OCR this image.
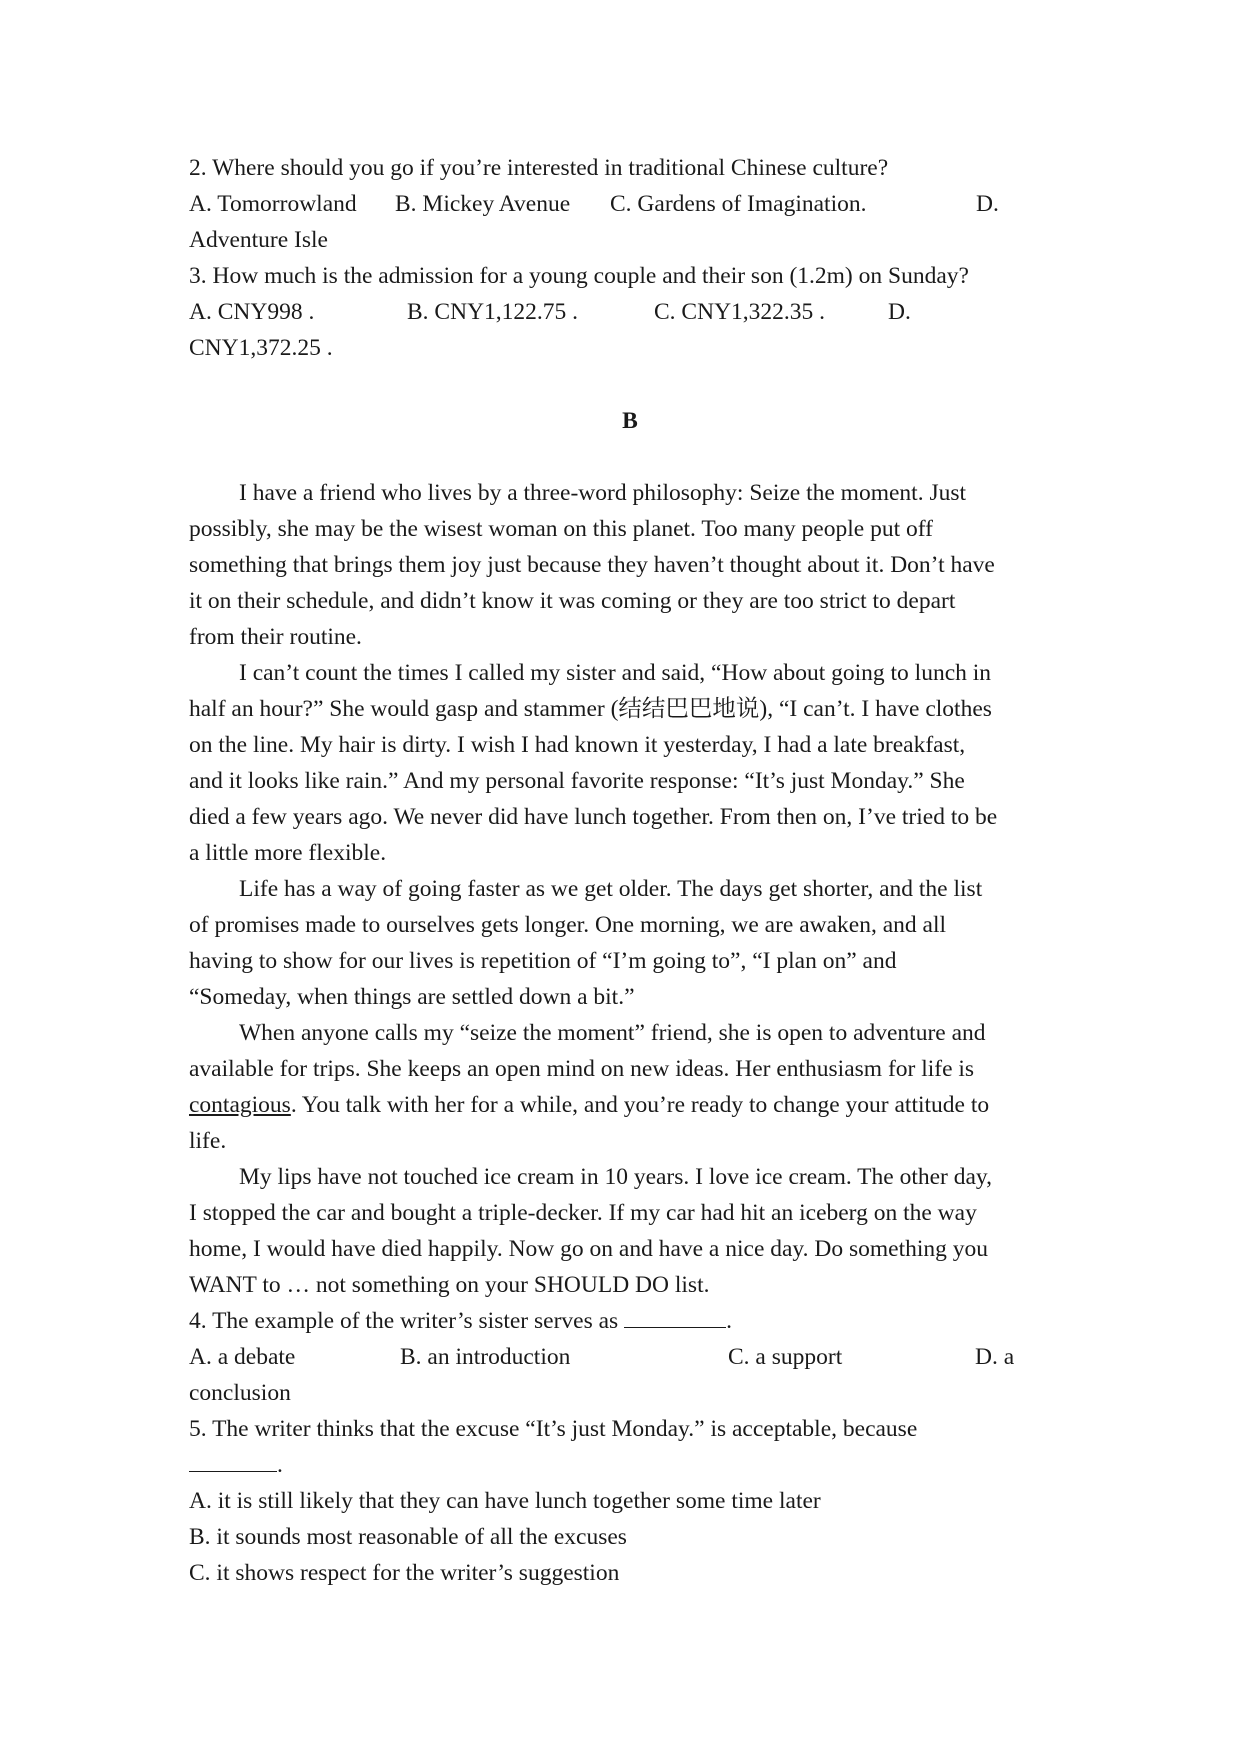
2. Where should you go if you’re interested in traditional Chinese culture?
A. Tomorrowland B. Mickey Avenue C. Gardens of Imagination.	D.
Adventure Isle
3. How much is the admission for a young couple and their son (1.2m) on Sunday?
A. CNY998 .	B. CNY1,122.75 .	C. CNY1,322.35 .	D.
CNY1,372.25 .
B
I have a friend who lives by a three-word philosophy: Seize the moment. Just
possibly, she may be the wisest woman on this planet. Too many people put off
something that brings them joy just because they haven’t thought about it. Don’t have
it on their schedule, and didn’t know it was coming or they are too strict to depart
from their routine.
I can’t count the times I called my sister and said, “How about going to lunch in
half an hour?” She would gasp and stammer (结结巴巴地说), “I can’t. I have clothes
on the line. My hair is dirty. I wish I had known it yesterday, I had a late breakfast,
and it looks like rain.” And my personal favorite response: “It’s just Monday.” She
died a few years ago. We never did have lunch together. From then on, I’ve tried to be
a little more flexible.
Life has a way of going faster as we get older. The days get shorter, and the list
of promises made to ourselves gets longer. One morning, we are awaken, and all
having to show for our lives is repetition of “I’m going to”, “I plan on” and
“Someday, when things are settled down a bit.”
When anyone calls my “seize the moment” friend, she is open to adventure and
available for trips. She keeps an open mind on new ideas. Her enthusiasm for life is
contagious. You talk with her for a while, and you’re ready to change your attitude to
life.
My lips have not touched ice cream in 10 years. I love ice cream. The other day,
I stopped the car and bought a triple-decker. If my car had hit an iceberg on the way
home, I would have died happily. Now go on and have a nice day. Do something you
WANT to … not something on your SHOULD DO list.
4. The example of the writer’s sister serves as	.
A. a debate	B. an introduction	C. a support	D. a
conclusion
5. The writer thinks that the excuse “It’s just Monday.” is acceptable, because
.
A. it is still likely that they can have lunch together some time later
B. it sounds most reasonable of all the excuses
C. it shows respect for the writer’s suggestion
